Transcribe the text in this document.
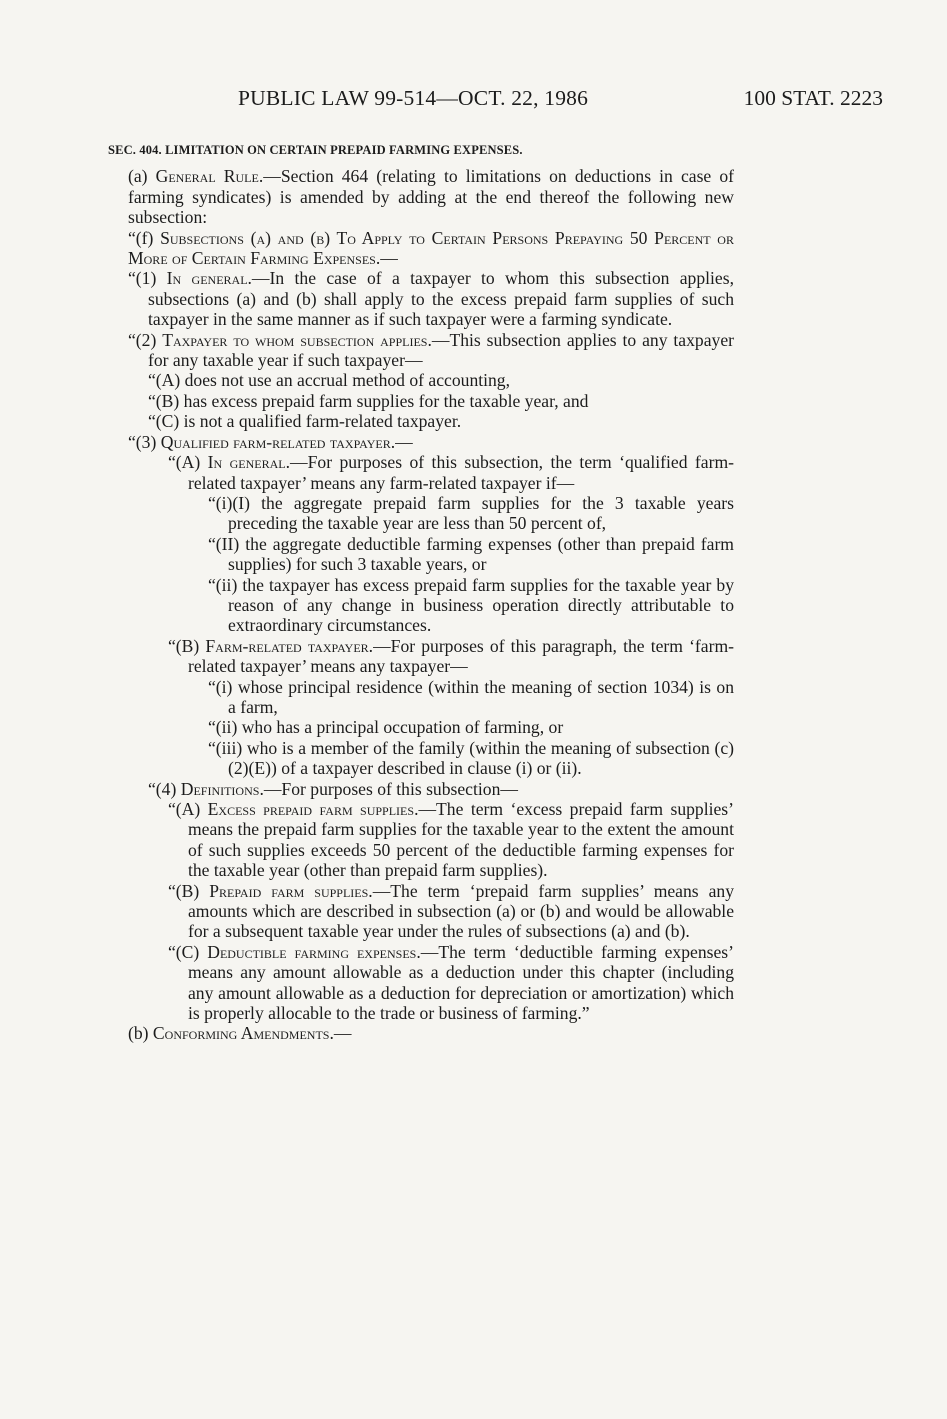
PUBLIC LAW 99-514—OCT. 22, 1986	100 STAT. 2223

SEC. 404. LIMITATION ON CERTAIN PREPAID FARMING EXPENSES.

(a) General Rule.—Section 464 (relating to limitations on deductions in case of farming syndicates) is amended by adding at the end thereof the following new subsection:

“(f) Subsections (a) and (b) To Apply to Certain Persons Prepaying 50 Percent or More of Certain Farming Expenses.—

“(1) In general.—In the case of a taxpayer to whom this subsection applies, subsections (a) and (b) shall apply to the excess prepaid farm supplies of such taxpayer in the same manner as if such taxpayer were a farming syndicate.

“(2) Taxpayer to whom subsection applies.—This subsection applies to any taxpayer for any taxable year if such taxpayer—

“(A) does not use an accrual method of accounting,

“(B) has excess prepaid farm supplies for the taxable year, and

“(C) is not a qualified farm-related taxpayer.

“(3) Qualified farm-related taxpayer.—

“(A) In general.—For purposes of this subsection, the term ‘qualified farm-related taxpayer’ means any farm-related taxpayer if—

“(i)(I) the aggregate prepaid farm supplies for the 3 taxable years preceding the taxable year are less than 50 percent of,

“(II) the aggregate deductible farming expenses (other than prepaid farm supplies) for such 3 taxable years, or

“(ii) the taxpayer has excess prepaid farm supplies for the taxable year by reason of any change in business operation directly attributable to extraordinary circumstances.

“(B) Farm-related taxpayer.—For purposes of this paragraph, the term ‘farm-related taxpayer’ means any taxpayer—

“(i) whose principal residence (within the meaning of section 1034) is on a farm,

“(ii) who has a principal occupation of farming, or

“(iii) who is a member of the family (within the meaning of subsection (c)(2)(E)) of a taxpayer described in clause (i) or (ii).

“(4) Definitions.—For purposes of this subsection—

“(A) Excess prepaid farm supplies.—The term ‘excess prepaid farm supplies’ means the prepaid farm supplies for the taxable year to the extent the amount of such supplies exceeds 50 percent of the deductible farming expenses for the taxable year (other than prepaid farm supplies).

“(B) Prepaid farm supplies.—The term ‘prepaid farm supplies’ means any amounts which are described in subsection (a) or (b) and would be allowable for a subsequent taxable year under the rules of subsections (a) and (b).

“(C) Deductible farming expenses.—The term ‘deductible farming expenses’ means any amount allowable as a deduction under this chapter (including any amount allowable as a deduction for depreciation or amortization) which is properly allocable to the trade or business of farming.”

(b) Conforming Amendments.—
